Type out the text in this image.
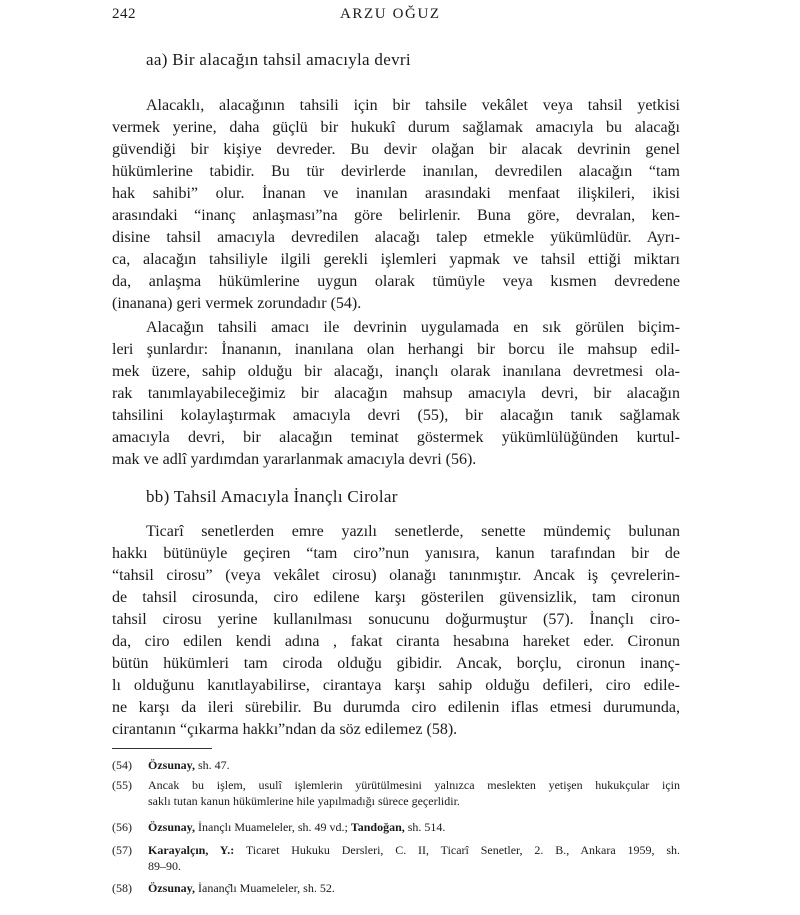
242	ARZU OĞUZ
aa) Bir alacağın tahsil amacıyla devri
Alacaklı, alacağının tahsili için bir tahsile vekâlet veya tahsil yetkisi
vermek yerine, daha güçlü bir hukukî durum sağlamak amacıyla bu alacağı
güvendiği bir kişiye devreder. Bu devir olağan bir alacak devrinin genel
hükümlerine tabidir. Bu tür devirlerde inanılan, devredilen alacağın “tam
hak sahibi” olur. İnanan ve inanılan arasındaki menfaat ilişkileri, ikisi
arasındaki “inanç anlaşması”na göre belirlenir. Buna göre, devralan, ken-
disine tahsil amacıyla devredilen alacağı talep etmekle yükümlüdür. Ayrı-
ca, alacağın tahsiliyle ilgili gerekli işlemleri yapmak ve tahsil ettiği miktarı
da, anlaşma hükümlerine uygun olarak tümüyle veya kısmen devredene
(inanana) geri vermek zorundadır (54).
Alacağın tahsili amacı ile devrinin uygulamada en sık görülen biçim-
leri şunlardır: İnananın, inanılana olan herhangi bir borcu ile mahsup edil-
mek üzere, sahip olduğu bir alacağı, inançlı olarak inanılana devretmesi ola-
rak tanımlayabileceğimiz bir alacağın mahsup amacıyla devri, bir alacağın
tahsilini kolaylaştırmak amacıyla devri (55), bir alacağın tanık sağlamak
amacıyla devri, bir alacağın teminat göstermek yükümlülüğünden kurtul-
mak ve adlî yardımdan yararlanmak amacıyla devri (56).
bb) Tahsil Amacıyla İnançlı Cirolar
Ticarî senetlerden emre yazılı senetlerde, senette mündemiç bulunan
hakkı bütünüyle geçiren “tam ciro”nun yanısıra, kanun tarafından bir de
“tahsil cirosu” (veya vekâlet cirosu) olanağı tanınmıştır. Ancak iş çevrelerin-
de tahsil cirosunda, ciro edilene karşı gösterilen güvensizlik, tam cironun
tahsil cirosu yerine kullanılması sonucunu doğurmuştur (57). İnançlı ciro-
da, ciro edilen kendi adına , fakat ciranta hesabına hareket eder. Cironun
bütün hükümleri tam ciroda olduğu gibidir. Ancak, borçlu, cironun inanç-
lı olduğunu kanıtlayabilirse, cirantaya karşı sahip olduğu defileri, ciro edile-
ne karşı da ileri sürebilir. Bu durumda ciro edilenin iflas etmesi durumunda,
cirantanın “çıkarma hakkı”ndan da söz edilemez (58).
(54) Özsunay, sh. 47.
(55) Ancak bu işlem, usulî işlemlerin yürütülmesini yalnızca meslekten yetişen hukukçular için
saklı tutan kanun hükümlerine hile yapılmadığı sürece geçerlidir.
(56) Özsunay, İnançlı Muameleler, sh. 49 vd.; Tandoğan, sh. 514.
(57) Karayalçın, Y.: Ticaret Hukuku Dersleri, C. II, Ticarî Senetler, 2. B., Ankara 1959, sh.
89–90.
(58) Özsunay, İananç͂lı Muameleler, sh. 52.
